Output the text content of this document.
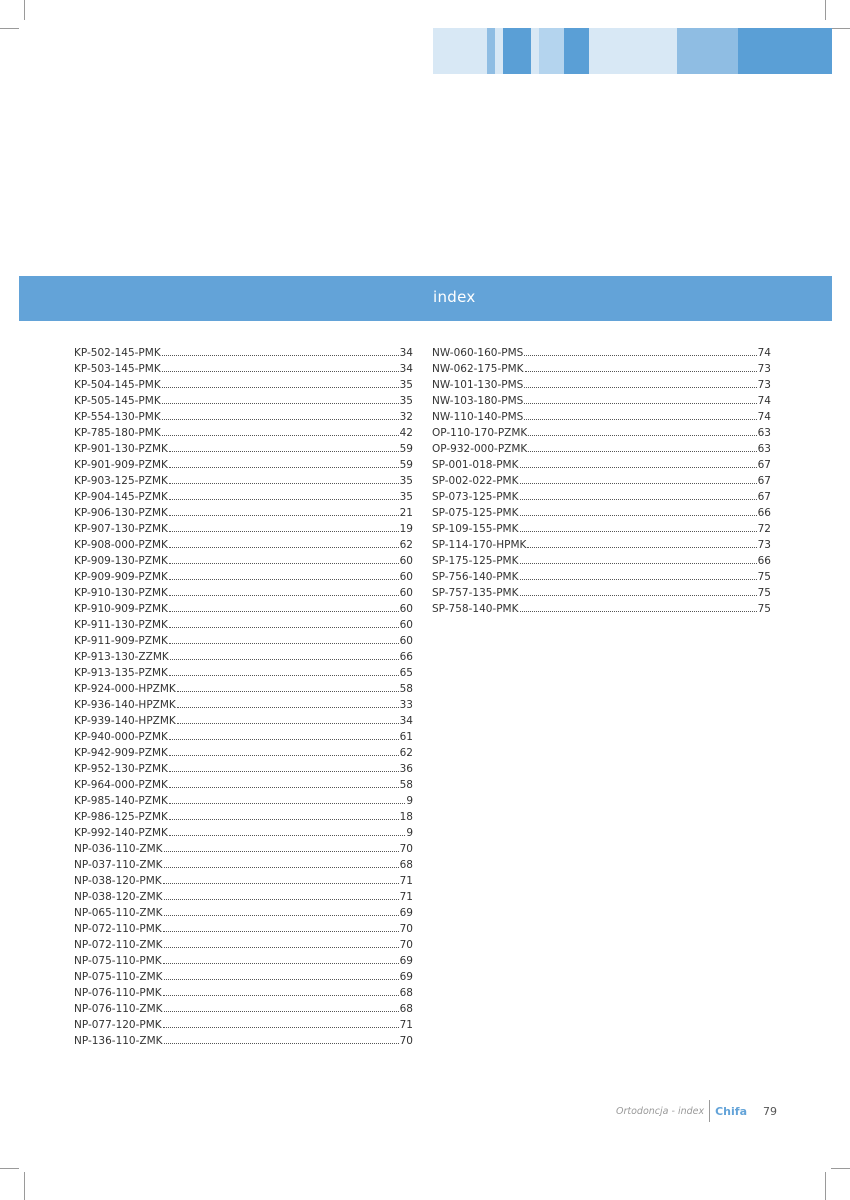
index
KP-502-145-PMK	34
KP-503-145-PMK	34
KP-504-145-PMK	35
KP-505-145-PMK	35
KP-554-130-PMK	32
KP-785-180-PMK	42
KP-901-130-PZMK	59
KP-901-909-PZMK	59
KP-903-125-PZMK	35
KP-904-145-PZMK	35
KP-906-130-PZMK	21
KP-907-130-PZMK	19
KP-908-000-PZMK	62
KP-909-130-PZMK	60
KP-909-909-PZMK	60
KP-910-130-PZMK	60
KP-910-909-PZMK	60
KP-911-130-PZMK	60
KP-911-909-PZMK	60
KP-913-130-ZZMK	66
KP-913-135-PZMK	65
KP-924-000-HPZMK	58
KP-936-140-HPZMK	33
KP-939-140-HPZMK	34
KP-940-000-PZMK	61
KP-942-909-PZMK	62
KP-952-130-PZMK	36
KP-964-000-PZMK	58
KP-985-140-PZMK	9
KP-986-125-PZMK	18
KP-992-140-PZMK	9
NP-036-110-ZMK	70
NP-037-110-ZMK	68
NP-038-120-PMK	71
NP-038-120-ZMK	71
NP-065-110-ZMK	69
NP-072-110-PMK	70
NP-072-110-ZMK	70
NP-075-110-PMK	69
NP-075-110-ZMK	69
NP-076-110-PMK	68
NP-076-110-ZMK	68
NP-077-120-PMK	71
NP-136-110-ZMK	70
NW-060-160-PMS	74
NW-062-175-PMK	73
NW-101-130-PMS	73
NW-103-180-PMS	74
NW-110-140-PMS	74
OP-110-170-PZMK	63
OP-932-000-PZMK	63
SP-001-018-PMK	67
SP-002-022-PMK	67
SP-073-125-PMK	67
SP-075-125-PMK	66
SP-109-155-PMK	72
SP-114-170-HPMK	73
SP-175-125-PMK	66
SP-756-140-PMK	75
SP-757-135-PMK	75
SP-758-140-PMK	75
Ortodoncja - index Chifa 79
